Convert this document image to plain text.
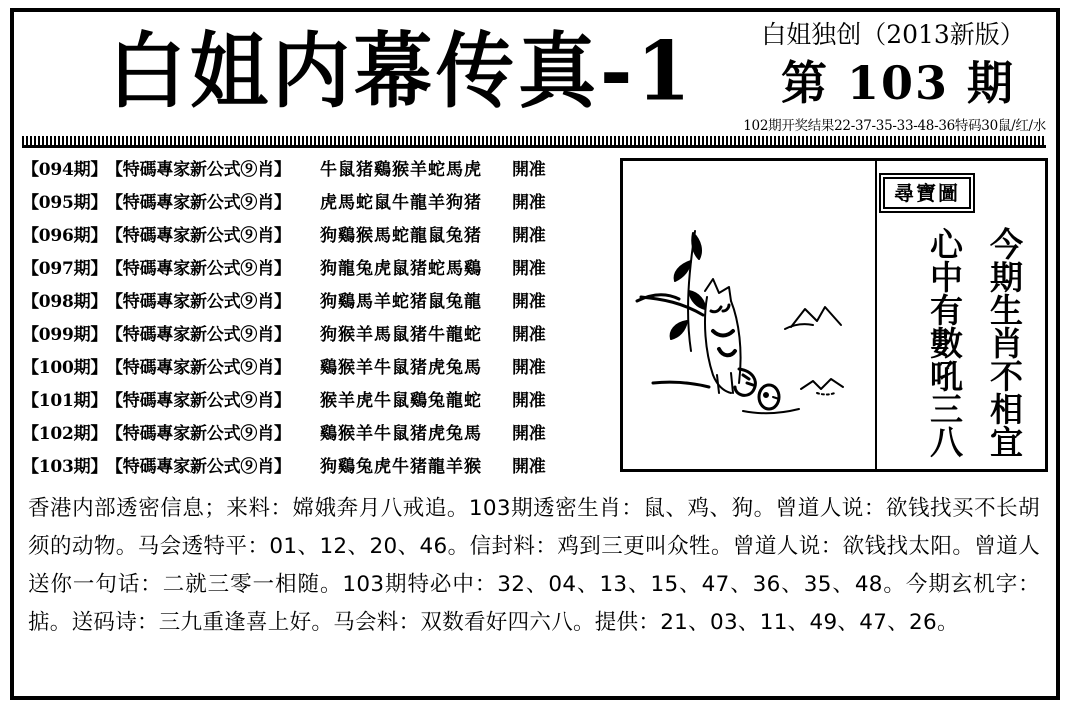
白姐内幕传真-1	白姐独创（2013新版）
第 103 期
102期开奖结果22-37-35-33-48-36特码30鼠/红/水
【094期】【特碼專家新公式⑨肖】 牛鼠猪鷄猴羊蛇馬虎 開准
【095期】【特碼專家新公式⑨肖】 虎馬蛇鼠牛龍羊狗猪 開准
【096期】【特碼專家新公式⑨肖】 狗鷄猴馬蛇龍鼠兔猪 開准
【097期】【特碼專家新公式⑨肖】 狗龍兔虎鼠猪蛇馬鷄 開准
【098期】【特碼專家新公式⑨肖】 狗鷄馬羊蛇猪鼠兔龍 開准
【099期】【特碼專家新公式⑨肖】 狗猴羊馬鼠猪牛龍蛇 開准
【100期】【特碼專家新公式⑨肖】 鷄猴羊牛鼠猪虎兔馬 開准
【101期】【特碼專家新公式⑨肖】 猴羊虎牛鼠鷄兔龍蛇 開准
【102期】【特碼專家新公式⑨肖】 鷄猴羊牛鼠猪虎兔馬 開准
【103期】【特碼專家新公式⑨肖】 狗鷄兔虎牛猪龍羊猴 開准
尋寶圖
今期生肖不相宜
心中有數吼三八
香港内部透密信息；来料：嫦娥奔月八戒追。103期透密生肖：鼠、鸡、狗。曾道人说：欲钱找买不长胡须的动物。马会透特平：01、12、20、46。信封料：鸡到三更叫众牲。曾道人说：欲钱找太阳。曾道人送你一句话：二就三零一相随。103期特必中：32、04、13、15、47、36、35、48。今期玄机字：掂。送码诗：三九重逢喜上好。马会料：双数看好四六八。提供：21、03、11、49、47、26。
